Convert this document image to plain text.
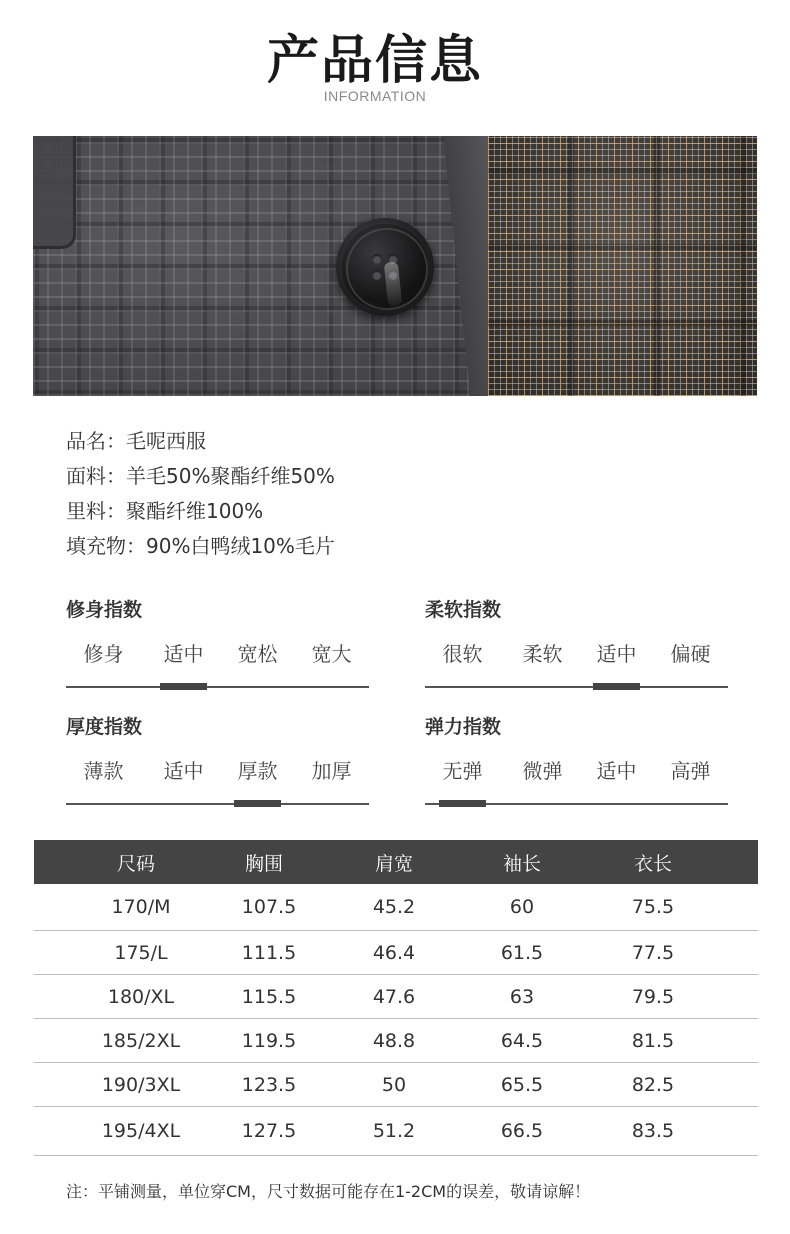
产品信息
INFORMATION
品名：毛呢西服
面料：羊毛50%聚酯纤维50%
里料：聚酯纤维100%
填充物：90%白鸭绒10%毛片
修身指数
修身	适中	宽松	宽大
柔软指数
很软	柔软	适中	偏硬
厚度指数
薄款	适中	厚款	加厚
弹力指数
无弹	微弹	适中	高弹
尺码	胸围	肩宽	袖长	衣长
170/M	107.5	45.2	60	75.5
175/L	111.5	46.4	61.5	77.5
180/XL	115.5	47.6	63	79.5
185/2XL	119.5	48.8	64.5	81.5
190/3XL	123.5	50	65.5	82.5
195/4XL	127.5	51.2	66.5	83.5
注：平铺测量，单位穿CM，尺寸数据可能存在1-2CM的误差，敬请谅解！
